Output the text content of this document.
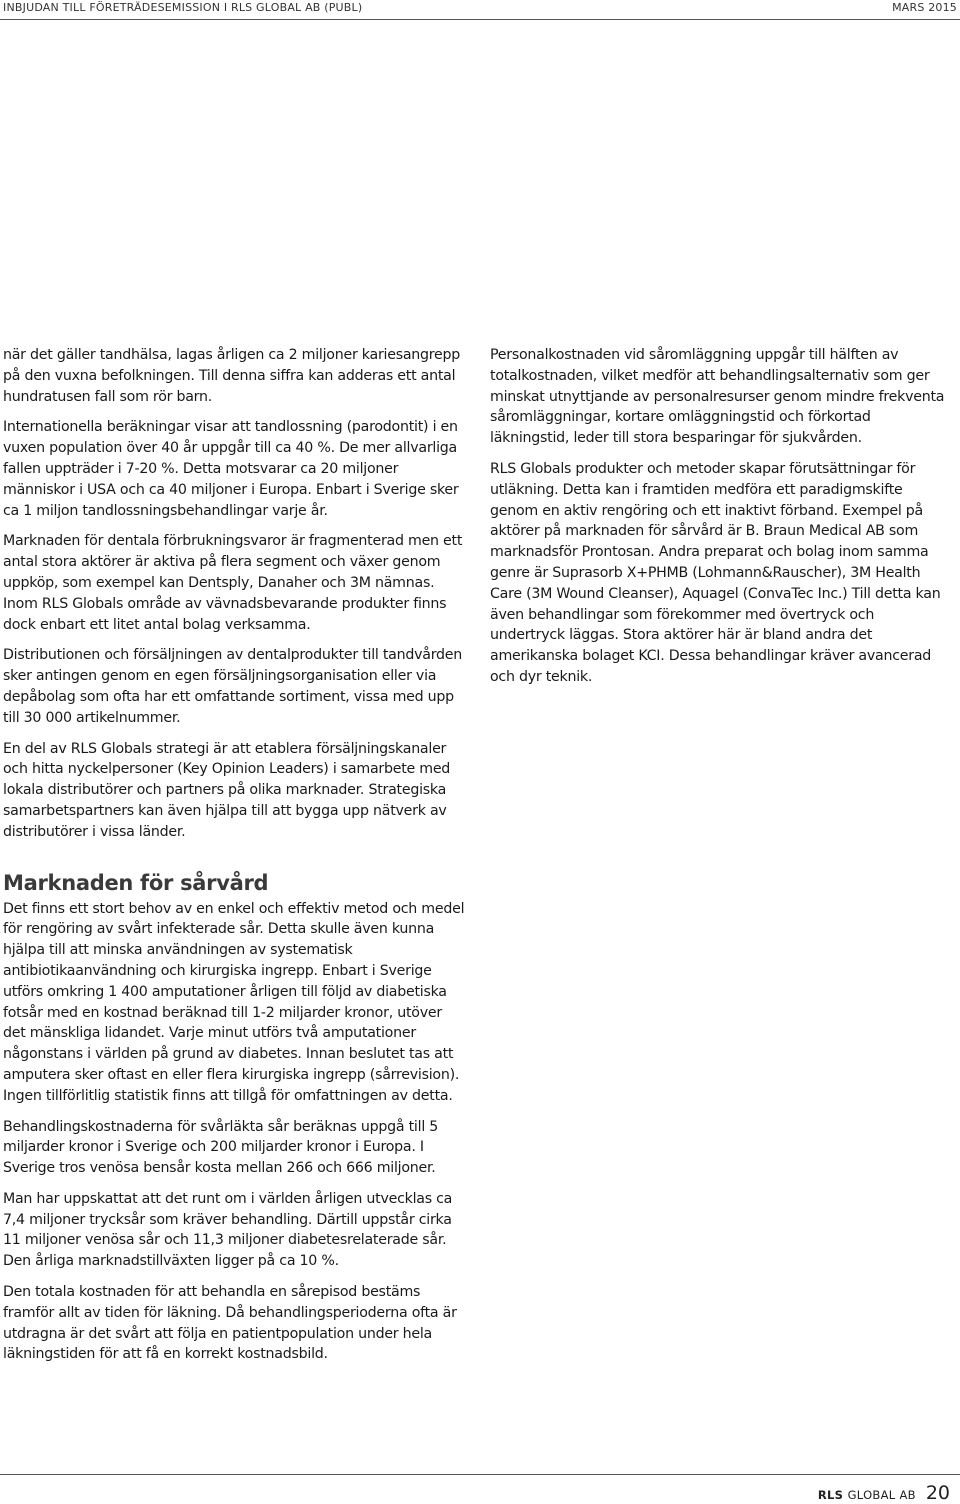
INBJUDAN TILL FÖRETRÄDESEMISSION I RLS GLOBAL AB (PUBL)	MARS 2015

när det gäller tandhälsa, lagas årligen ca 2 miljoner kariesangrepp på den vuxna befolkningen. Till denna siffra kan adderas ett antal hundratusen fall som rör barn.

Internationella beräkningar visar att tandlossning (parodontit) i en vuxen population över 40 år uppgår till ca 40 %. De mer allvarliga fallen uppträder i 7-20 %. Detta motsvarar ca 20 miljoner människor i USA och ca 40 miljoner i Europa. Enbart i Sverige sker ca 1 miljon tandlossningsbehandlingar varje år.

Marknaden för dentala förbrukningsvaror är fragmenterad men ett antal stora aktörer är aktiva på flera segment och växer genom uppköp, som exempel kan Dentsply, Danaher och 3M nämnas. Inom RLS Globals område av vävnadsbevarande produkter finns dock enbart ett litet antal bolag verksamma.

Distributionen och försäljningen av dentalprodukter till tandvården sker antingen genom en egen försäljningsorganisation eller via depåbolag som ofta har ett omfattande sortiment, vissa med upp till 30 000 artikelnummer.

En del av RLS Globals strategi är att etablera försäljningskanaler och hitta nyckelpersoner (Key Opinion Leaders) i samarbete med lokala distributörer och partners på olika marknader. Strategiska samarbetspartners kan även hjälpa till att bygga upp nätverk av distributörer i vissa länder.

Marknaden för sårvård

Det finns ett stort behov av en enkel och effektiv metod och medel för rengöring av svårt infekterade sår. Detta skulle även kunna hjälpa till att minska användningen av systematisk antibiotikaanvändning och kirurgiska ingrepp. Enbart i Sverige utförs omkring 1 400 amputationer årligen till följd av diabetiska fotsår med en kostnad beräknad till 1-2 miljarder kronor, utöver det mänskliga lidandet. Varje minut utförs två amputationer någonstans i världen på grund av diabetes. Innan beslutet tas att amputera sker oftast en eller flera kirurgiska ingrepp (sårrevision). Ingen tillförlitlig statistik finns att tillgå för omfattningen av detta.

Behandlingskostnaderna för svårläkta sår beräknas uppgå till 5 miljarder kronor i Sverige och 200 miljarder kronor i Europa. I Sverige tros venösa bensår kosta mellan 266 och 666 miljoner.

Man har uppskattat att det runt om i världen årligen utvecklas ca 7,4 miljoner trycksår som kräver behandling. Därtill uppstår cirka 11 miljoner venösa sår och 11,3 miljoner diabetesrelaterade sår. Den årliga marknadstillväxten ligger på ca 10 %.

Den totala kostnaden för att behandla en sårepisod bestäms framför allt av tiden för läkning. Då behandlingsperioderna ofta är utdragna är det svårt att följa en patientpopulation under hela läkningstiden för att få en korrekt kostnadsbild.

Personalkostnaden vid såromläggning uppgår till hälften av totalkostnaden, vilket medför att behandlingsalternativ som ger minskat utnyttjande av personalresurser genom mindre frekventa såromläggningar, kortare omläggningstid och förkortad läkningstid, leder till stora besparingar för sjukvården.

RLS Globals produkter och metoder skapar förutsättningar för utläkning. Detta kan i framtiden medföra ett paradigmskifte genom en aktiv rengöring och ett inaktivt förband. Exempel på aktörer på marknaden för sårvård är B. Braun Medical AB som marknadsför Prontosan. Andra preparat och bolag inom samma genre är Suprasorb X+PHMB (Lohmann&Rauscher), 3M Health Care (3M Wound Cleanser), Aquagel (ConvaTec Inc.) Till detta kan även behandlingar som förekommer med övertryck och undertryck läggas. Stora aktörer här är bland andra det amerikanska bolaget KCI. Dessa behandlingar kräver avancerad och dyr teknik.

RLS GLOBAL AB 20
